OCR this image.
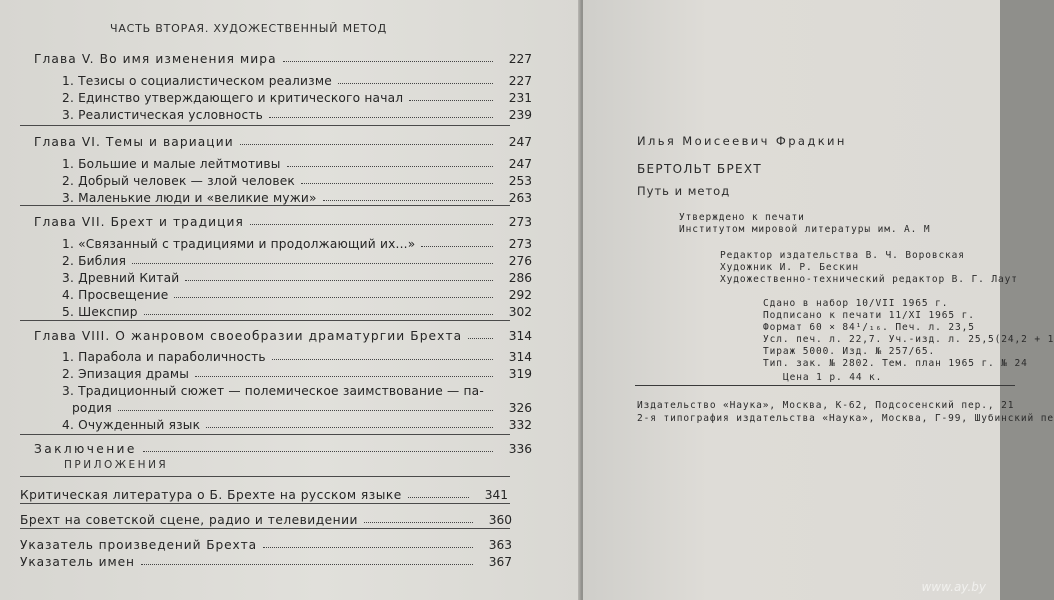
ЧАСТЬ ВТОРАЯ. ХУДОЖЕСТВЕННЫЙ МЕТОД
Глава V. Во имя изменения мира	227
1. Тезисы о социалистическом реализме	227
2. Единство утверждающего и критического начал	231
3. Реалистическая условность	239
Глава VI. Темы и вариации	247
1. Большие и малые лейтмотивы	247
2. Добрый человек — злой человек	253
3. Маленькие люди и «великие мужи»	263
Глава VII. Брехт и традиция	273
1. «Связанный с традициями и продолжающий их...»	273
2. Библия	276
3. Древний Китай	286
4. Просвещение	292
5. Шекспир	302
Глава VIII. О жанровом своеобразии драматургии Брехта	314
1. Парабола и параболичность	314
2. Эпизация драмы	319
3. Традиционный сюжет — полемическое заимствование — па-
родия	326
4. Очужденный язык	332
Заключение	336
ПРИЛОЖЕНИЯ
Критическая литература о Б. Брехте на русском языке	341
Брехт на советской сцене, радио и телевидении	360
Указатель произведений Брехта	363
Указатель имен	367
Илья Моисеевич Фрадкин
БЕРТОЛЬТ БРЕХТ
Путь и метод
Утверждено к печати
Институтом мировой литературы им. А. М
Редактор издательства В. Ч. Воровская
Художник И. Р. Бескин
Художественно-технический редактор В. Г. Лаут
Сдано в набор 10/VII 1965 г.
Подписано к печати 11/XI 1965 г.
Формат 60 × 84¹/₁₆. Печ. л. 23,5
Усл. печ. л. 22,7. Уч.-изд. л. 25,5(24,2 + 1
Тираж 5000. Изд. № 257/65.
Тип. зак. № 2802. Тем. план 1965 г. № 24
Цена 1 р. 44 к.
Издательство «Наука», Москва, К-62, Подсосенский пер., 21
2-я типография издательства «Наука», Москва, Г-99, Шубинский пе
www.ay.by
